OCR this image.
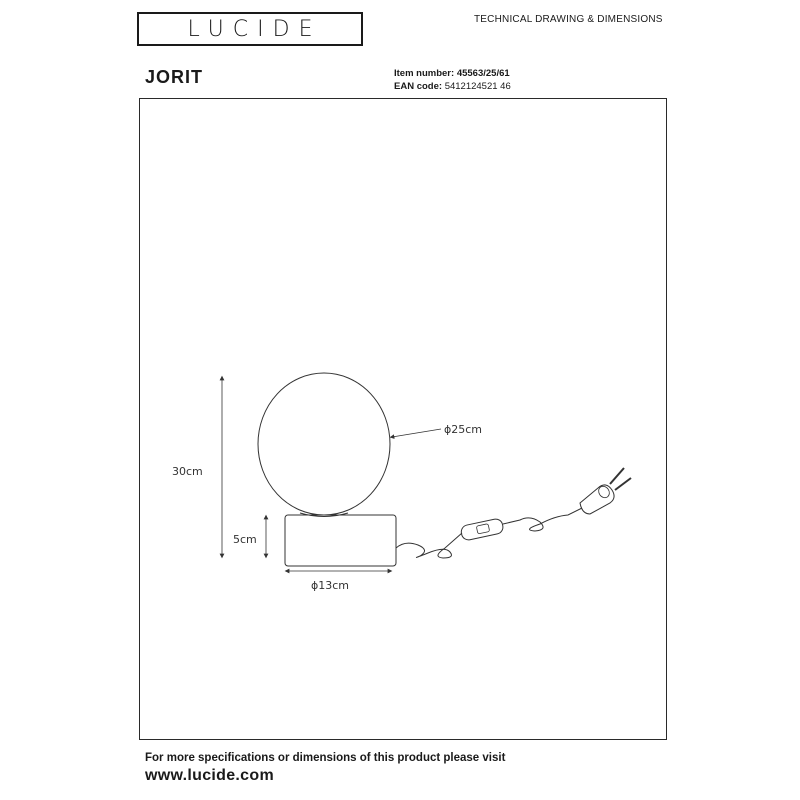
LUCIDE	TECHNICAL DRAWING & DIMENSIONS
JORIT	Item number: 45563/25/61
EAN code: 5412124521 46
30cm
5cm
ϕ25cm
ϕ13cm
For more specifications or dimensions of this product please visit
www.lucide.com
